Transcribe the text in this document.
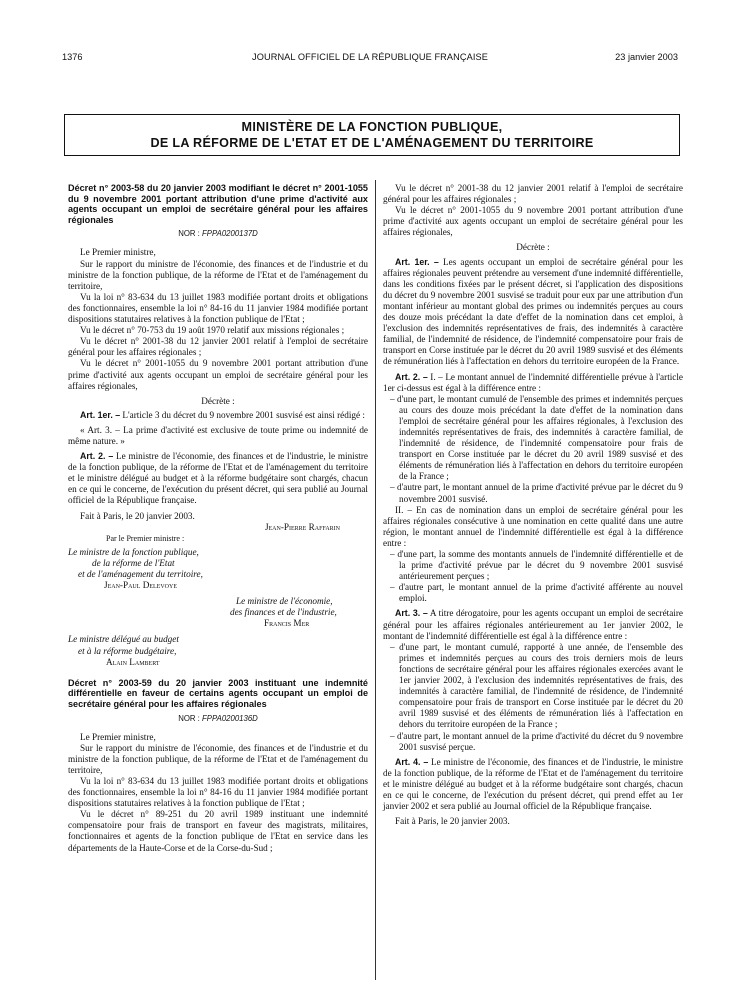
1376	JOURNAL OFFICIEL DE LA RÉPUBLIQUE FRANÇAISE	23 janvier 2003
MINISTÈRE DE LA FONCTION PUBLIQUE,
DE LA RÉFORME DE L'ETAT ET DE L'AMÉNAGEMENT DU TERRITOIRE

Décret n° 2003-58 du 20 janvier 2003 modifiant le décret n° 2001-1055 du 9 novembre 2001 portant attribution d'une prime d'activité aux agents occupant un emploi de secrétaire général pour les affaires régionales

NOR : FPPA0200137D

Le Premier ministre,

Sur le rapport du ministre de l'économie, des finances et de l'industrie et du ministre de la fonction publique, de la réforme de l'Etat et de l'aménagement du territoire,

Vu la loi n° 83-634 du 13 juillet 1983 modifiée portant droits et obligations des fonctionnaires, ensemble la loi n° 84-16 du 11 janvier 1984 modifiée portant dispositions statutaires relatives à la fonction publique de l'Etat ;

Vu le décret n° 70-753 du 19 août 1970 relatif aux missions régionales ;

Vu le décret n° 2001-38 du 12 janvier 2001 relatif à l'emploi de secrétaire général pour les affaires régionales ;

Vu le décret n° 2001-1055 du 9 novembre 2001 portant attribution d'une prime d'activité aux agents occupant un emploi de secrétaire général pour les affaires régionales,

Décrète :

Art. 1er. – L'article 3 du décret du 9 novembre 2001 susvisé est ainsi rédigé :

« Art. 3. – La prime d'activité est exclusive de toute prime ou indemnité de même nature. »

Art. 2. – Le ministre de l'économie, des finances et de l'industrie, le ministre de la fonction publique, de la réforme de l'Etat et de l'aménagement du territoire et le ministre délégué au budget et à la réforme budgétaire sont chargés, chacun en ce qui le concerne, de l'exécution du présent décret, qui sera publié au Journal officiel de la République française.

Fait à Paris, le 20 janvier 2003.

Jean-Pierre Raffarin

Par le Premier ministre :

Le ministre de la fonction publique,

de la réforme de l'Etat

et de l'aménagement du territoire,

Jean-Paul Delevoye

Le ministre de l'économie,

des finances et de l'industrie,

Francis Mer

Le ministre délégué au budget

et à la réforme budgétaire,

Alain Lambert

Décret n° 2003-59 du 20 janvier 2003 instituant une indemnité différentielle en faveur de certains agents occupant un emploi de secrétaire général pour les affaires régionales

NOR : FPPA0200136D

Le Premier ministre,

Sur le rapport du ministre de l'économie, des finances et de l'industrie et du ministre de la fonction publique, de la réforme de l'Etat et de l'aménagement du territoire,

Vu la loi n° 83-634 du 13 juillet 1983 modifiée portant droits et obligations des fonctionnaires, ensemble la loi n° 84-16 du 11 janvier 1984 modifiée portant dispositions statutaires relatives à la fonction publique de l'Etat ;

Vu le décret n° 89-251 du 20 avril 1989 instituant une indemnité compensatoire pour frais de transport en faveur des magistrats, militaires, fonctionnaires et agents de la fonction publique de l'Etat en service dans les départements de la Haute-Corse et de la Corse-du-Sud ;

Vu le décret n° 2001-38 du 12 janvier 2001 relatif à l'emploi de secrétaire général pour les affaires régionales ;

Vu le décret n° 2001-1055 du 9 novembre 2001 portant attribution d'une prime d'activité aux agents occupant un emploi de secrétaire général pour les affaires régionales,

Décrète :

Art. 1er. – Les agents occupant un emploi de secrétaire général pour les affaires régionales peuvent prétendre au versement d'une indemnité différentielle, dans les conditions fixées par le présent décret, si l'application des dispositions du décret du 9 novembre 2001 susvisé se traduit pour eux par une attribution d'un montant inférieur au montant global des primes ou indemnités perçues au cours des douze mois précédant la date d'effet de la nomination dans cet emploi, à l'exclusion des indemnités représentatives de frais, des indemnités à caractère familial, de l'indemnité de résidence, de l'indemnité compensatoire pour frais de transport en Corse instituée par le décret du 20 avril 1989 susvisé et des éléments de rémunération liés à l'affectation en dehors du territoire européen de la France.

Art. 2. – I. – Le montant annuel de l'indemnité différentielle prévue à l'article 1er ci-dessus est égal à la différence entre :

– d'une part, le montant cumulé de l'ensemble des primes et indemnités perçues au cours des douze mois précédant la date d'effet de la nomination dans l'emploi de secrétaire général pour les affaires régionales, à l'exclusion des indemnités représentatives de frais, des indemnités à caractère familial, de l'indemnité de résidence, de l'indemnité compensatoire pour frais de transport en Corse instituée par le décret du 20 avril 1989 susvisé et des éléments de rémunération liés à l'affectation en dehors du territoire européen de la France ;

– d'autre part, le montant annuel de la prime d'activité prévue par le décret du 9 novembre 2001 susvisé.

II. – En cas de nomination dans un emploi de secrétaire général pour les affaires régionales consécutive à une nomination en cette qualité dans une autre région, le montant annuel de l'indemnité différentielle est égal à la différence entre :

– d'une part, la somme des montants annuels de l'indemnité différentielle et de la prime d'activité prévue par le décret du 9 novembre 2001 susvisé antérieurement perçues ;

– d'autre part, le montant annuel de la prime d'activité afférente au nouvel emploi.

Art. 3. – A titre dérogatoire, pour les agents occupant un emploi de secrétaire général pour les affaires régionales antérieurement au 1er janvier 2002, le montant de l'indemnité différentielle est égal à la différence entre :

– d'une part, le montant cumulé, rapporté à une année, de l'ensemble des primes et indemnités perçues au cours des trois derniers mois de leurs fonctions de secrétaire général pour les affaires régionales exercées avant le 1er janvier 2002, à l'exclusion des indemnités représentatives de frais, des indemnités à caractère familial, de l'indemnité de résidence, de l'indemnité compensatoire pour frais de transport en Corse instituée par le décret du 20 avril 1989 susvisé et des éléments de rémunération liés à l'affectation en dehors du territoire européen de la France ;

– d'autre part, le montant annuel de la prime d'activité du décret du 9 novembre 2001 susvisé perçue.

Art. 4. – Le ministre de l'économie, des finances et de l'industrie, le ministre de la fonction publique, de la réforme de l'Etat et de l'aménagement du territoire et le ministre délégué au budget et à la réforme budgétaire sont chargés, chacun en ce qui le concerne, de l'exécution du présent décret, qui prend effet au 1er janvier 2002 et sera publié au Journal officiel de la République française.

Fait à Paris, le 20 janvier 2003.
